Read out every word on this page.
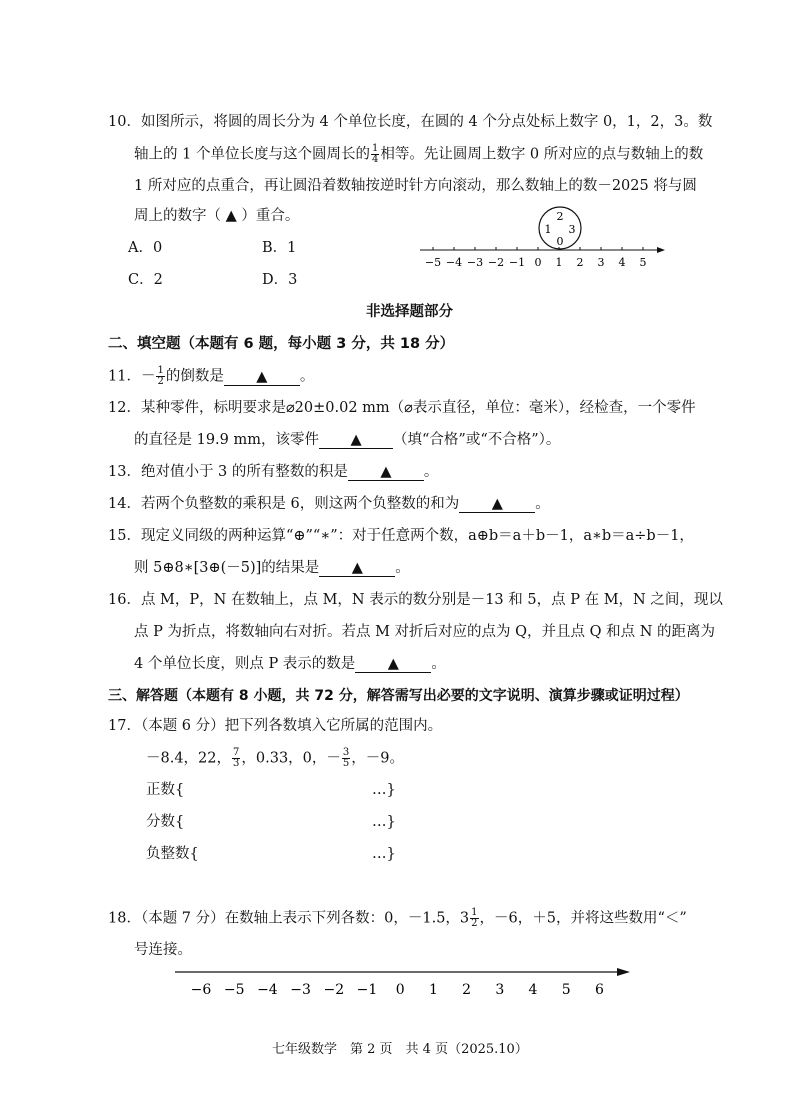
10．如图所示，将圆的周长分为 4 个单位长度，在圆的 4 个分点处标上数字 0，1，2，3。数
轴上的 1 个单位长度与这个圆周长的 $\frac{1}{4}$ 相等。先让圆周上数字 0 所对应的点与数轴上的数
1 所对应的点重合，再让圆沿着数轴按逆时针方向滚动，那么数轴上的数－2025 将与圆
周上的数字（ ▲ ）重合。
A．0	B．1
C．2	D．3
2
1 3
0
−5 −4 −3 −2 −1 0 1 2 3 4 5
非选择题部分
二、填空题（本题有 6 题，每小题 3 分，共 18 分）
11．－ $\frac{1}{2}$ 的倒数是 ▲ 。
12．某种零件，标明要求是⌀20±0.02 mm（⌀表示直径，单位：毫米），经检查，一个零件
的直径是 19.9 mm，该零件 ▲ （填“合格”或“不合格”）。
13．绝对值小于 3 的所有整数的积是 ▲ 。
14．若两个负整数的乘积是 6，则这两个负整数的和为 ▲ 。
15．现定义同级的两种运算“⊕”“∗”：对于任意两个数，a⊕b＝a＋b－1，a∗b＝a÷b－1，
则 5⊕8∗[3⊕(－5)]的结果是 ▲ 。
16．点 M，P，N 在数轴上，点 M，N 表示的数分别是－13 和 5，点 P 在 M，N 之间，现以
点 P 为折点，将数轴向右对折。若点 M 对折后对应的点为 Q，并且点 Q 和点 N 的距离为
4 个单位长度，则点 P 表示的数是 ▲ 。
三、解答题（本题有 8 小题，共 72 分，解答需写出必要的文字说明、演算步骤或证明过程）
17．（本题 6 分）把下列各数填入它所属的范围内。
－8.4，22， $\frac{7}{3}$ ，0.33，0，－ $\frac{3}{5}$ ，－9。
正数{	…}
分数{	…}
负整数{	…}
18．（本题 7 分）在数轴上表示下列各数：0，－1.5，$3 \frac{1}{2}$ ，－6，＋5，并将这些数用“＜”
号连接。
−6 −5 −4 −3 −2 −1 0 1 2 3 4 5 6
七年级数学　第 2 页　共 4 页（2025.10）
